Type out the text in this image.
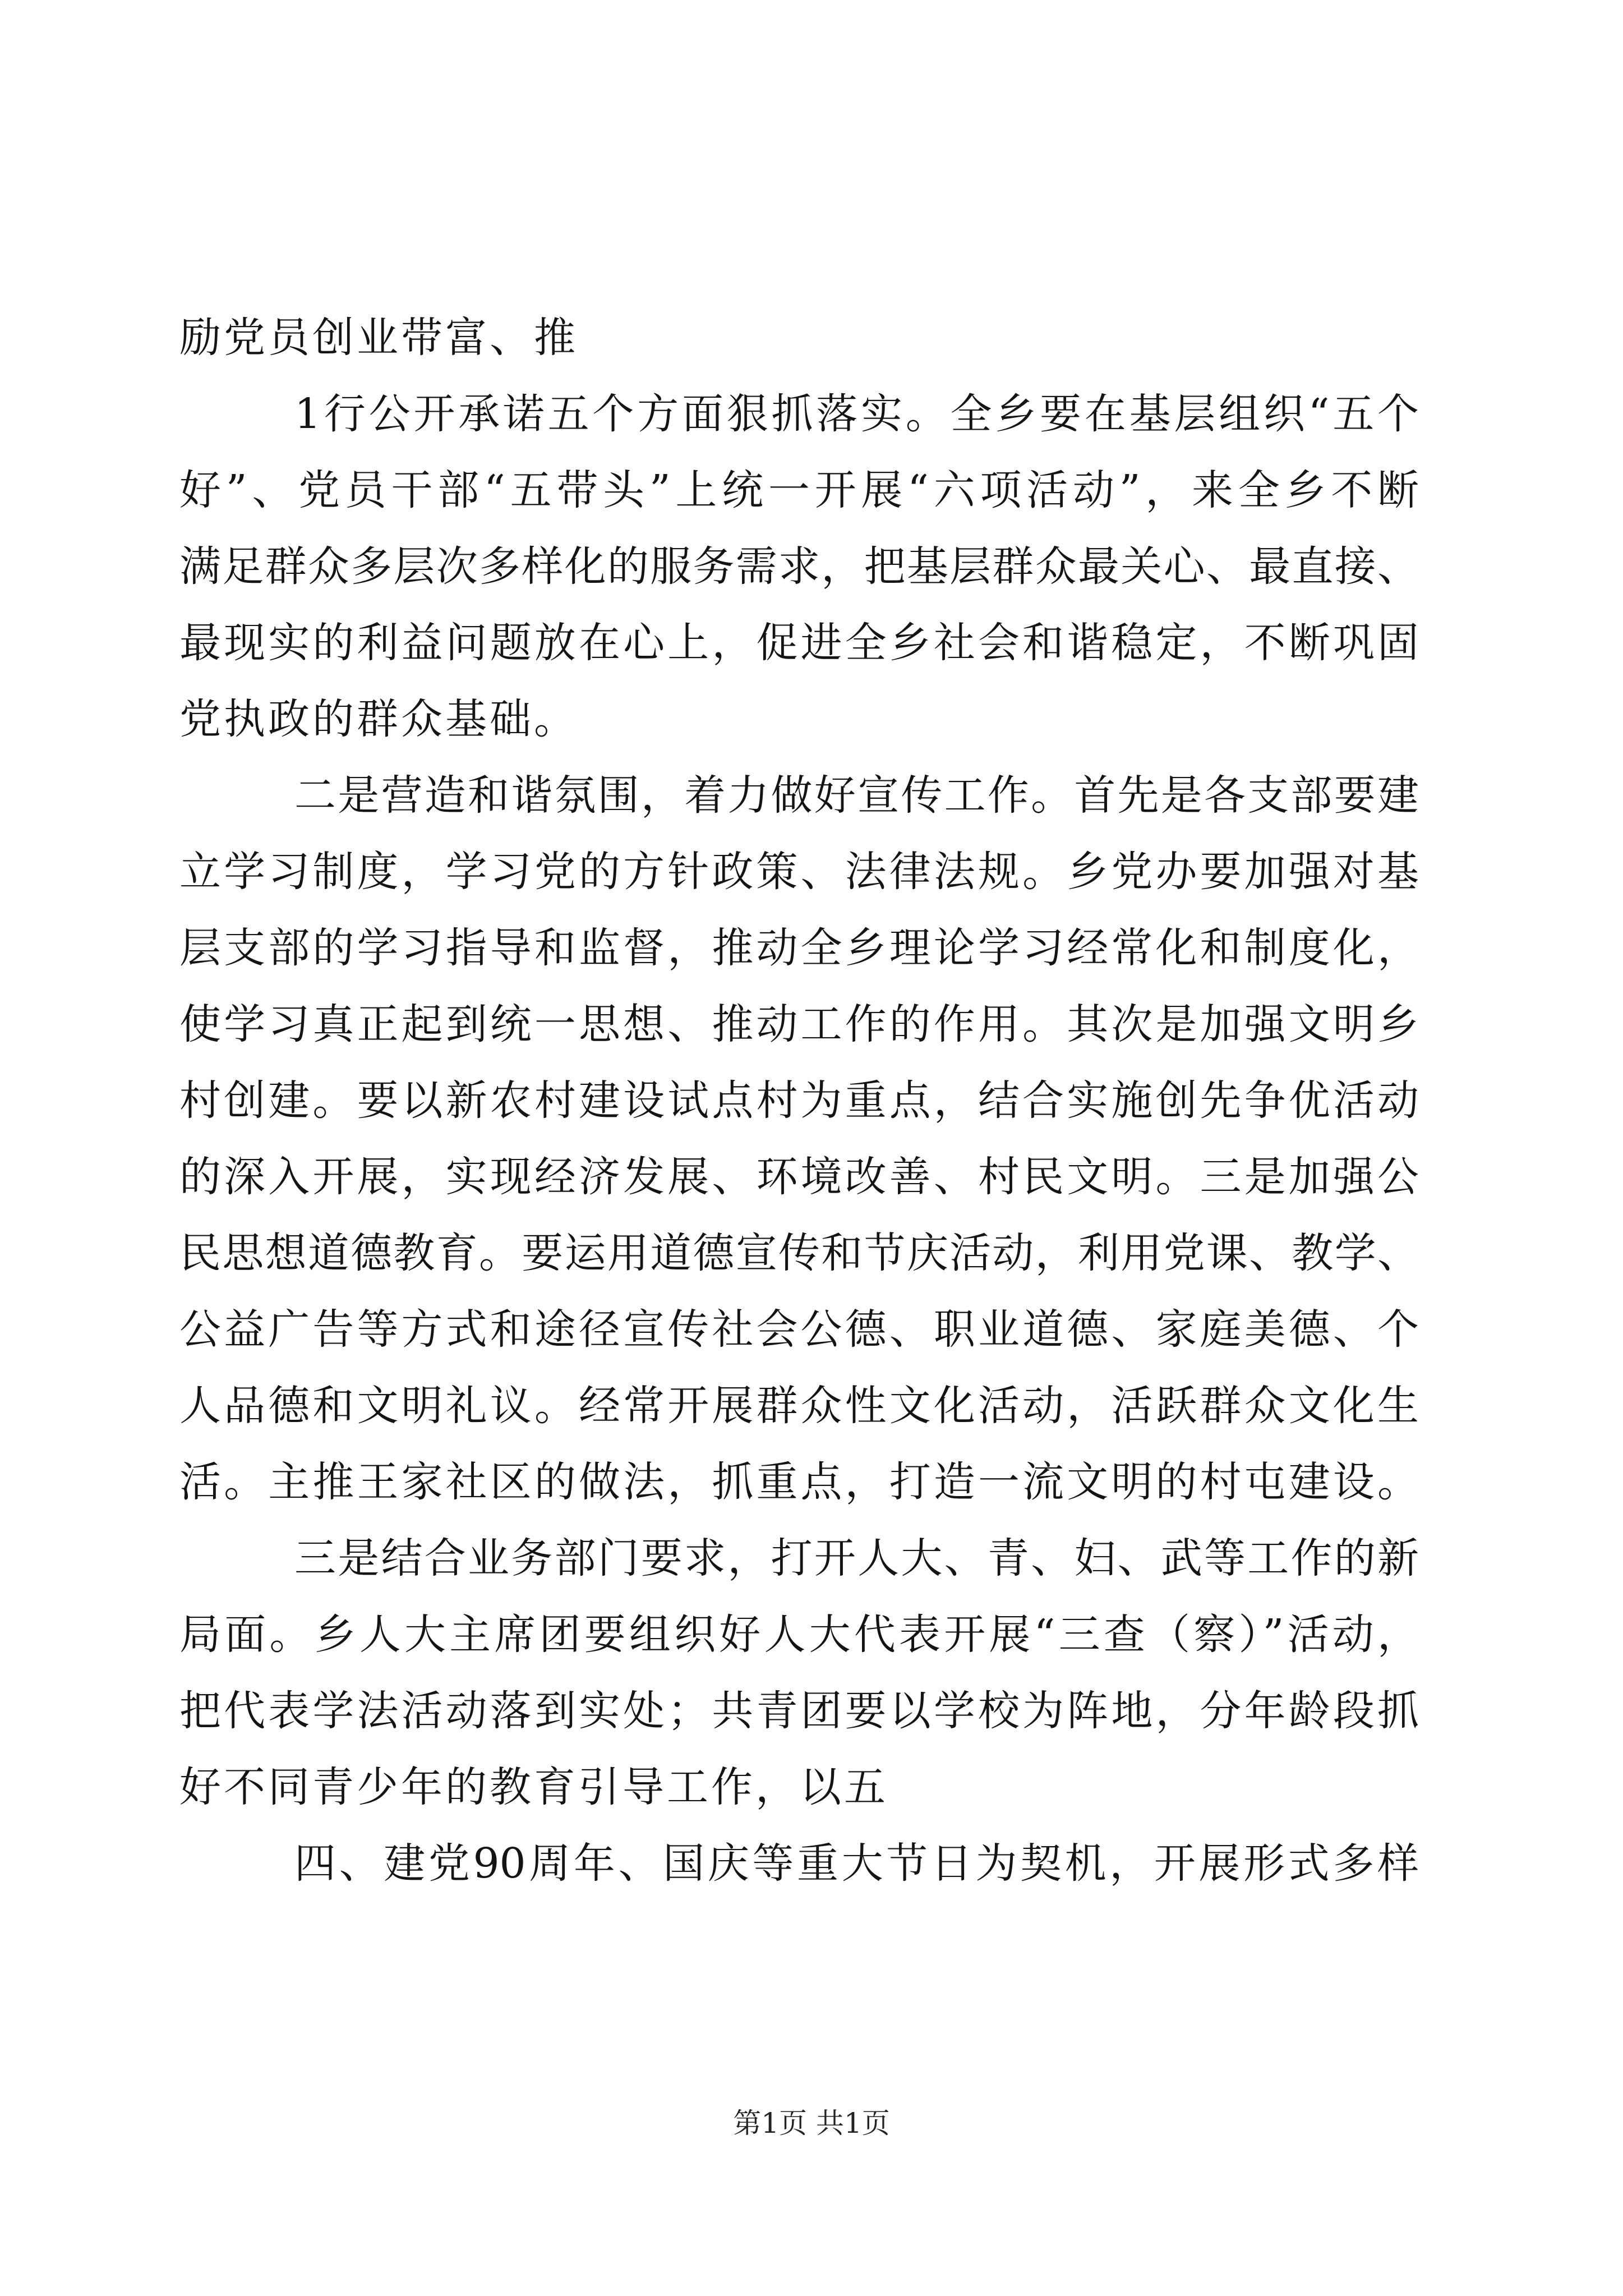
励党员创业带富、推
1行公开承诺五个方面狠抓落实。全乡要在基层组织“五个
好”、党员干部“五带头”上统一开展“六项活动”，来全乡不断
满足群众多层次多样化的服务需求，把基层群众最关心、最直接、
最现实的利益问题放在心上，促进全乡社会和谐稳定，不断巩固
党执政的群众基础。
二是营造和谐氛围，着力做好宣传工作。首先是各支部要建
立学习制度，学习党的方针政策、法律法规。乡党办要加强对基
层支部的学习指导和监督，推动全乡理论学习经常化和制度化，
使学习真正起到统一思想、推动工作的作用。其次是加强文明乡
村创建。要以新农村建设试点村为重点，结合实施创先争优活动
的深入开展，实现经济发展、环境改善、村民文明。三是加强公
民思想道德教育。要运用道德宣传和节庆活动，利用党课、教学、
公益广告等方式和途径宣传社会公德、职业道德、家庭美德、个
人品德和文明礼议。经常开展群众性文化活动，活跃群众文化生
活。主推王家社区的做法，抓重点，打造一流文明的村屯建设。
三是结合业务部门要求，打开人大、青、妇、武等工作的新
局面。乡人大主席团要组织好人大代表开展“三查（察）”活动，
把代表学法活动落到实处；共青团要以学校为阵地，分年龄段抓
好不同青少年的教育引导工作，以五
四、建党90周年、国庆等重大节日为契机，开展形式多样
第1页 共1页
